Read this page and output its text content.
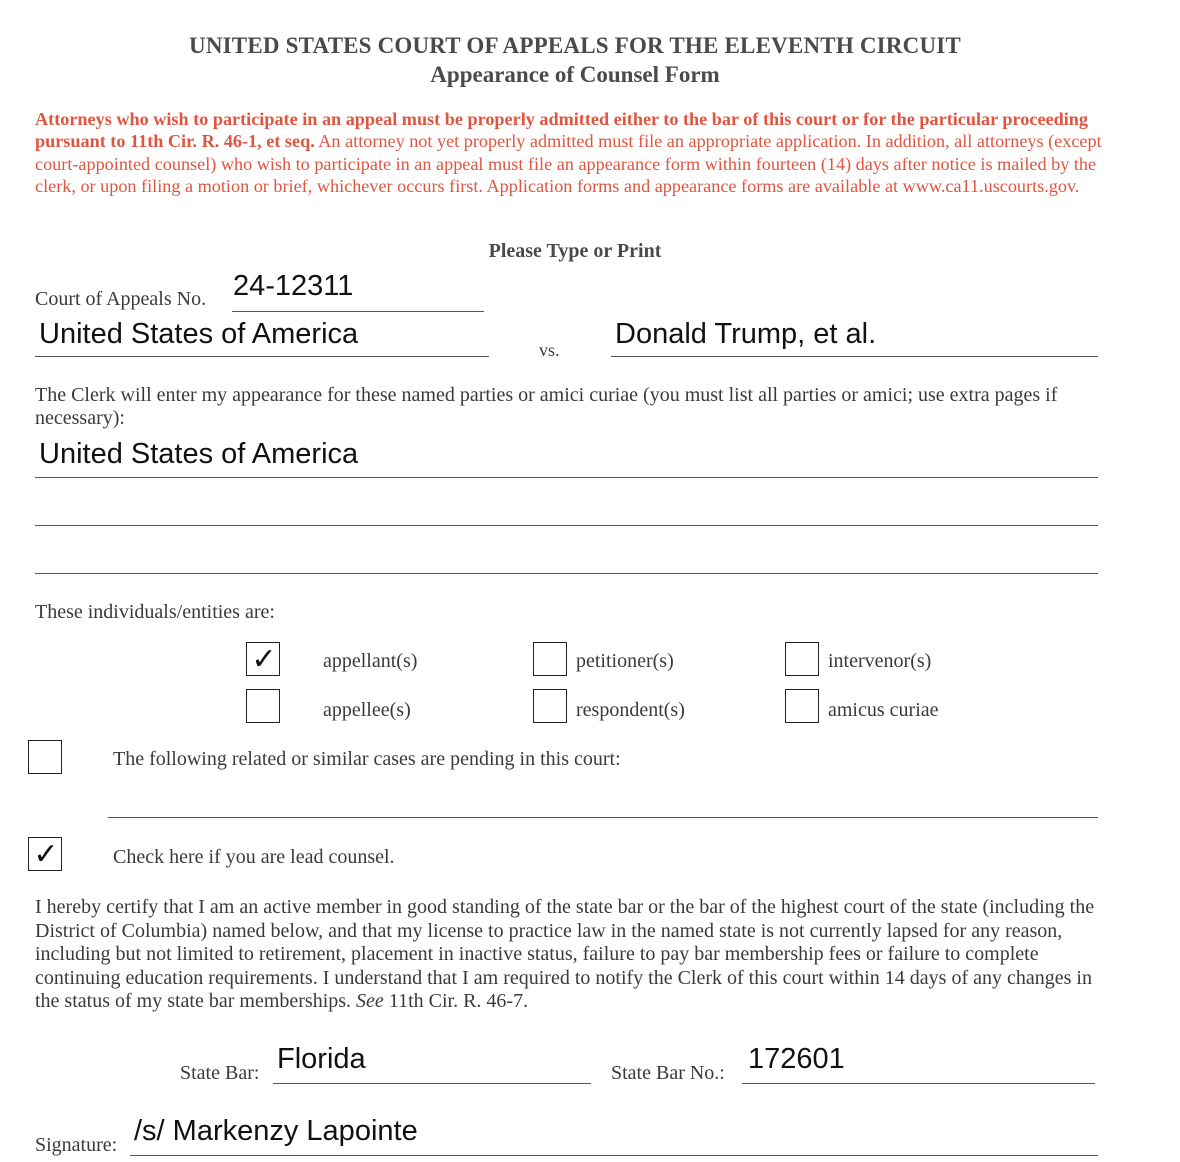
UNITED STATES COURT OF APPEALS FOR THE ELEVENTH CIRCUIT
Appearance of Counsel Form
Attorneys who wish to participate in an appeal must be properly admitted either to the bar of this court or for the particular proceeding pursuant to 11th Cir. R. 46-1, et seq. An attorney not yet properly admitted must file an appropriate application. In addition, all attorneys (except court-appointed counsel) who wish to participate in an appeal must file an appearance form within fourteen (14) days after notice is mailed by the clerk, or upon filing a motion or brief, whichever occurs first. Application forms and appearance forms are available at www.ca11.uscourts.gov.
Please Type or Print
Court of Appeals No. 24-12311
United States of America	vs. Donald Trump, et al.
The Clerk will enter my appearance for these named parties or amici curiae (you must list all parties or amici; use extra pages if necessary):
United States of America
These individuals/entities are:
✓ appellant(s)	petitioner(s)	intervenor(s)
appellee(s)	respondent(s)	amicus curiae
The following related or similar cases are pending in this court:
✓	Check here if you are lead counsel.
I hereby certify that I am an active member in good standing of the state bar or the bar of the highest court of the state (including the District of Columbia) named below, and that my license to practice law in the named state is not currently lapsed for any reason, including but not limited to retirement, placement in inactive status, failure to pay bar membership fees or failure to complete continuing education requirements. I understand that I am required to notify the Clerk of this court within 14 days of any changes in the status of my state bar memberships. See 11th Cir. R. 46-7.
State Bar: Florida	State Bar No.: 172601
Signature: /s/ Markenzy Lapointe
